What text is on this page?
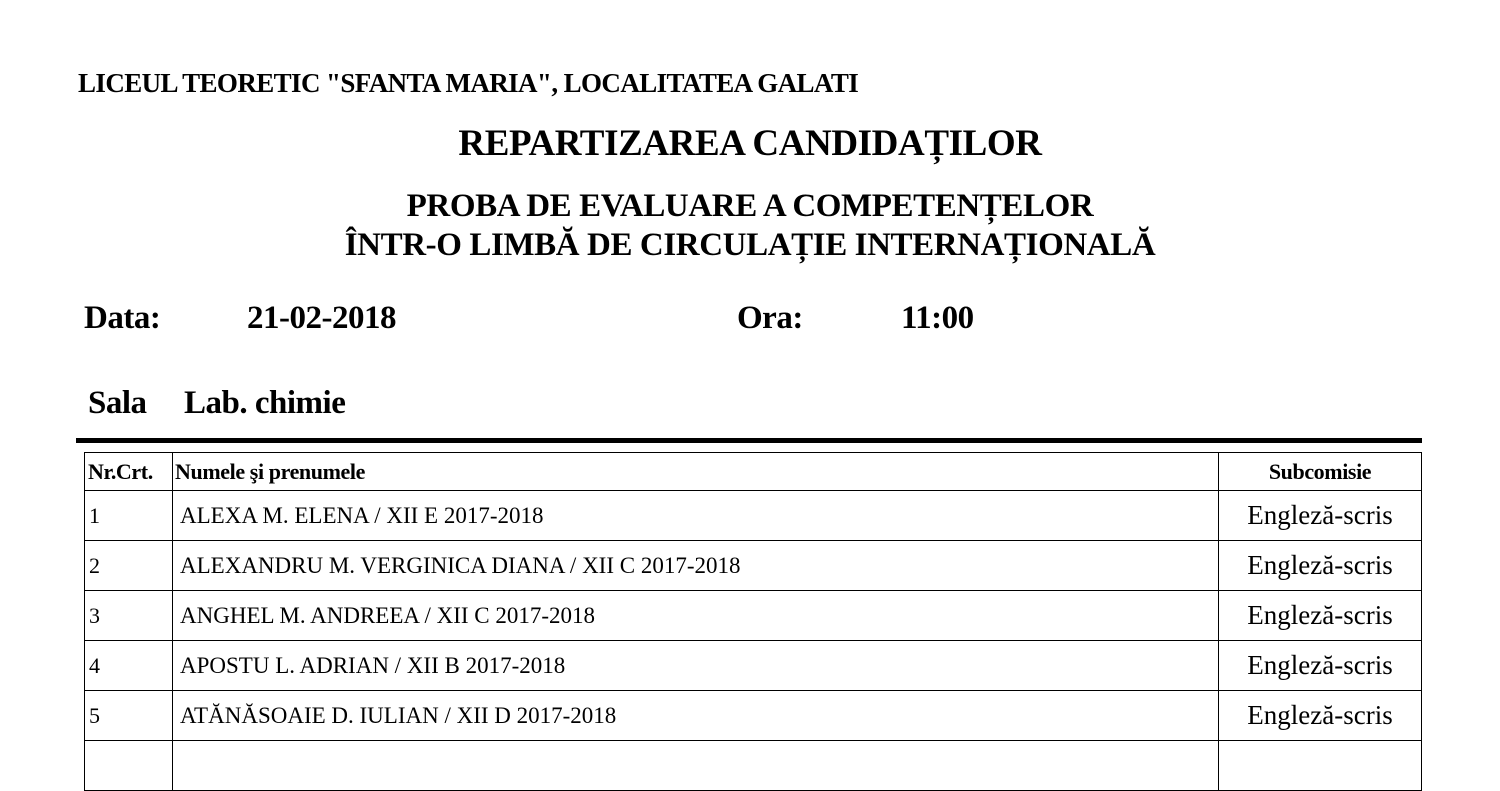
LICEUL TEORETIC "SFANTA MARIA", LOCALITATEA GALATI
REPARTIZAREA CANDIDAȚILOR
PROBA DE EVALUARE A COMPETENȚELOR
ÎNTR-O LIMBĂ DE CIRCULAȚIE INTERNAȚIONALĂ
Data:	21-02-2018	Ora:	11:00
Sala Lab. chimie
Nr.Crt.	Numele şi prenumele	Subcomisie
1	ALEXA M. ELENA / XII E 2017-2018	Engleză-scris
2	ALEXANDRU M. VERGINICA DIANA / XII C 2017-2018	Engleză-scris
3	ANGHEL M. ANDREEA / XII C 2017-2018	Engleză-scris
4	APOSTU L. ADRIAN / XII B 2017-2018	Engleză-scris
5	ATĂNĂSOAIE D. IULIAN / XII D 2017-2018	Engleză-scris
